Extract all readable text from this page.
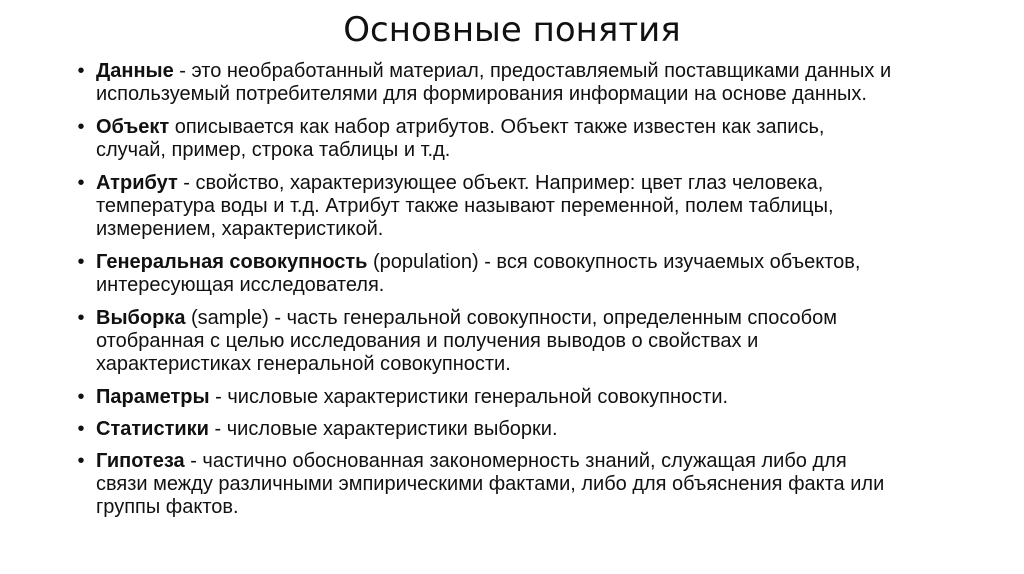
Основные понятия
• Данные - это необработанный материал, предоставляемый поставщиками данных и
используемый потребителями для формирования информации на основе данных.
• Объект описывается как набор атрибутов. Объект также известен как запись,
случай, пример, строка таблицы и т.д.
• Атрибут - свойство, характеризующее объект. Например: цвет глаз человека,
температура воды и т.д. Атрибут также называют переменной, полем таблицы,
измерением, характеристикой.
• Генеральная совокупность (population) - вся совокупность изучаемых объектов,
интересующая исследователя.
• Выборка (sample) - часть генеральной совокупности, определенным способом
отобранная с целью исследования и получения выводов о свойствах и
характеристиках генеральной совокупности.
• Параметры - числовые характеристики генеральной совокупности.
• Статистики - числовые характеристики выборки.
• Гипотеза - частично обоснованная закономерность знаний, служащая либо для
связи между различными эмпирическими фактами, либо для объяснения факта или
группы фактов.
